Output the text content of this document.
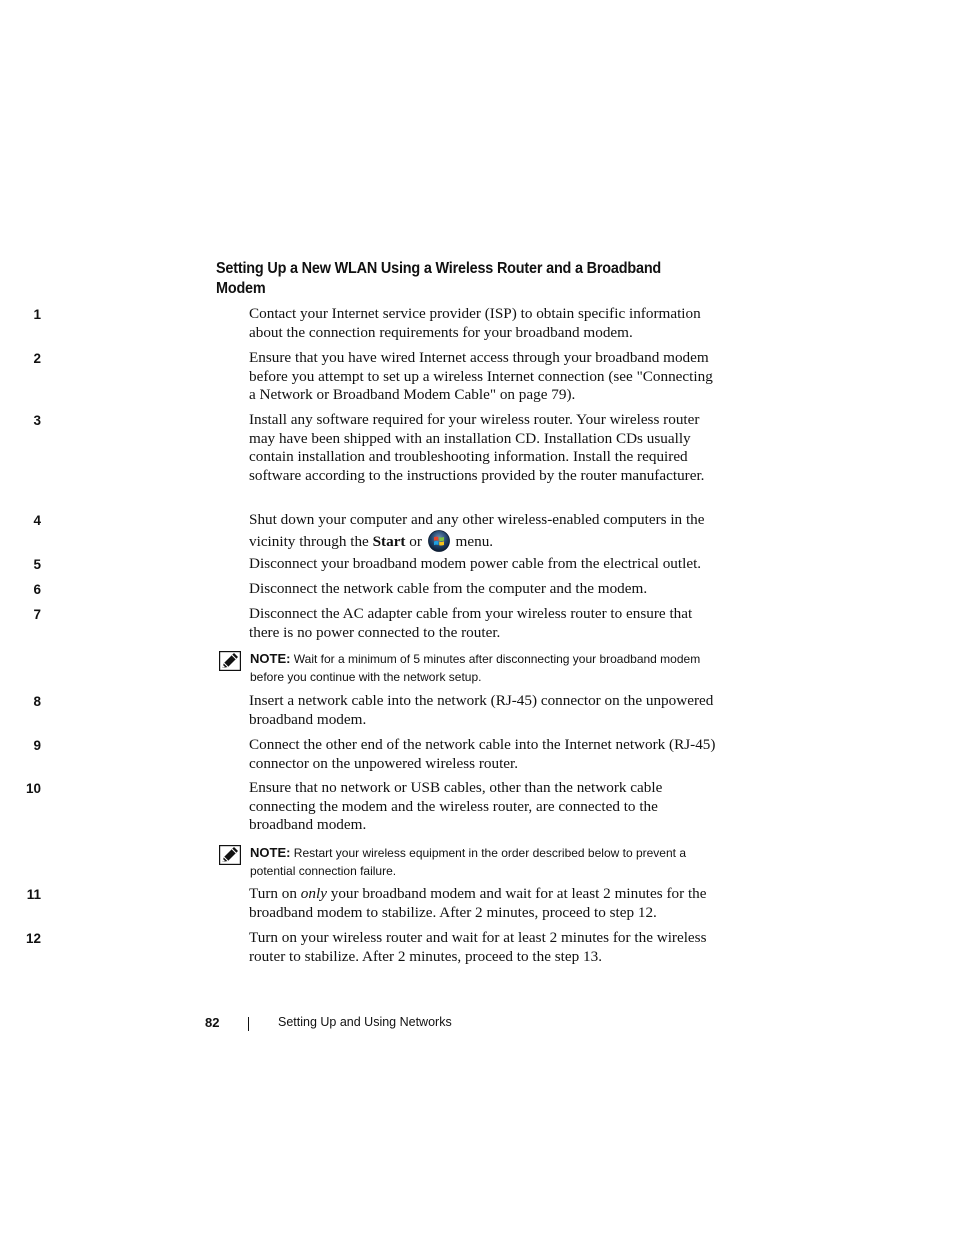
Setting Up a New WLAN Using a Wireless Router and a Broadband Modem
1	Contact your Internet service provider (ISP) to obtain specific information about the connection requirements for your broadband modem.
2	Ensure that you have wired Internet access through your broadband modem before you attempt to set up a wireless Internet connection (see "Connecting a Network or Broadband Modem Cable" on page 79).
3	Install any software required for your wireless router. Your wireless router may have been shipped with an installation CD. Installation CDs usually contain installation and troubleshooting information. Install the required software according to the instructions provided by the router manufacturer.
4	Shut down your computer and any other wireless-enabled computers in the vicinity through the Start or  menu.
5	Disconnect your broadband modem power cable from the electrical outlet.
6	Disconnect the network cable from the computer and the modem.
7	Disconnect the AC adapter cable from your wireless router to ensure that there is no power connected to the router.
NOTE: Wait for a minimum of 5 minutes after disconnecting your broadband modem before you continue with the network setup.
8	Insert a network cable into the network (RJ-45) connector on the unpowered broadband modem.
9	Connect the other end of the network cable into the Internet network (RJ-45) connector on the unpowered wireless router.
10	Ensure that no network or USB cables, other than the network cable connecting the modem and the wireless router, are connected to the broadband modem.
NOTE: Restart your wireless equipment in the order described below to prevent a potential connection failure.
11	Turn on only your broadband modem and wait for at least 2 minutes for the broadband modem to stabilize. After 2 minutes, proceed to step 12.
12	Turn on your wireless router and wait for at least 2 minutes for the wireless router to stabilize. After 2 minutes, proceed to the step 13.
82	Setting Up and Using Networks
